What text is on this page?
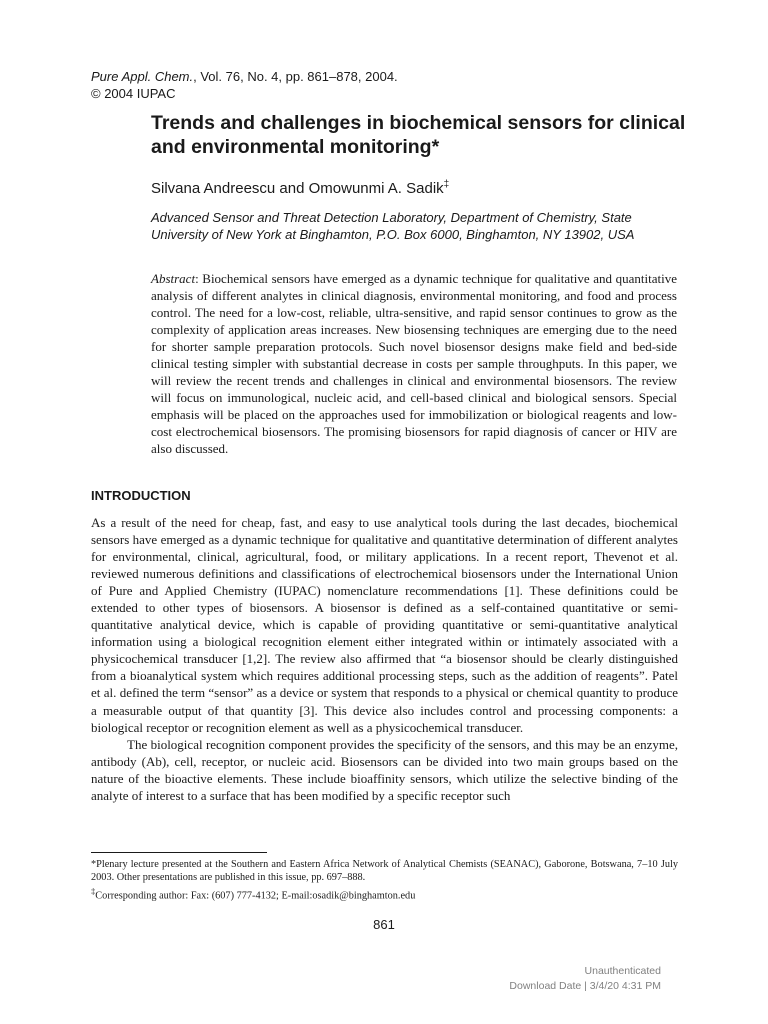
Pure Appl. Chem., Vol. 76, No. 4, pp. 861–878, 2004.
© 2004 IUPAC
Trends and challenges in biochemical sensors for clinical and environmental monitoring*
Silvana Andreescu and Omowunmi A. Sadik‡
Advanced Sensor and Threat Detection Laboratory, Department of Chemistry, State University of New York at Binghamton, P.O. Box 6000, Binghamton, NY 13902, USA

Abstract: Biochemical sensors have emerged as a dynamic technique for qualitative and quantitative analysis of different analytes in clinical diagnosis, environmental monitoring, and food and process control. The need for a low-cost, reliable, ultra-sensitive, and rapid sensor continues to grow as the complexity of application areas increases. New biosensing techniques are emerging due to the need for shorter sample preparation protocols. Such novel biosensor designs make field and bed-side clinical testing simpler with substantial decrease in costs per sample throughputs. In this paper, we will review the recent trends and challenges in clinical and environmental biosensors. The review will focus on immunological, nucleic acid, and cell-based clinical and biological sensors. Special emphasis will be placed on the approaches used for immobilization or biological reagents and low-cost electrochemical biosensors. The promising biosensors for rapid diagnosis of cancer or HIV are also discussed.

INTRODUCTION

As a result of the need for cheap, fast, and easy to use analytical tools during the last decades, biochemical sensors have emerged as a dynamic technique for qualitative and quantitative determination of different analytes for environmental, clinical, agricultural, food, or military applications. In a recent report, Thevenot et al. reviewed numerous definitions and classifications of electrochemical biosensors under the International Union of Pure and Applied Chemistry (IUPAC) nomenclature recommendations [1]. These definitions could be extended to other types of biosensors. A biosensor is defined as a self-contained quantitative or semi-quantitative analytical device, which is capable of providing quantitative or semi-quantitative analytical information using a biological recognition element either integrated within or intimately associated with a physicochemical transducer [1,2]. The review also affirmed that “a biosensor should be clearly distinguished from a bioanalytical system which requires additional processing steps, such as the addition of reagents”. Patel et al. defined the term “sensor” as a device or system that responds to a physical or chemical quantity to produce a measurable output of that quantity [3]. This device also includes control and processing components: a biological receptor or recognition element as well as a physicochemical transducer.

The biological recognition component provides the specificity of the sensors, and this may be an enzyme, antibody (Ab), cell, receptor, or nucleic acid. Biosensors can be divided into two main groups based on the nature of the bioactive elements. These include bioaffinity sensors, which utilize the selective binding of the analyte of interest to a surface that has been modified by a specific receptor such

*Plenary lecture presented at the Southern and Eastern Africa Network of Analytical Chemists (SEANAC), Gaborone, Botswana, 7–10 July 2003. Other presentations are published in this issue, pp. 697–888.

‡Corresponding author: Fax: (607) 777-4132; E-mail:osadik@binghamton.edu

861
Unauthenticated
Download Date | 3/4/20 4:31 PM
